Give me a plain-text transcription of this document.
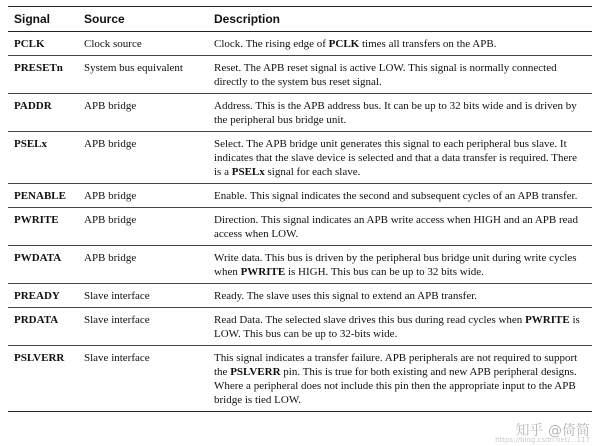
Signal	Source	Description
PCLK	Clock source	Clock. The rising edge of PCLK times all transfers on the APB.
PRESETn	System bus equivalent	Reset. The APB reset signal is active LOW. This signal is normally connected directly to the system bus reset signal.
PADDR	APB bridge	Address. This is the APB address bus. It can be up to 32 bits wide and is driven by the peripheral bus bridge unit.
PSELx	APB bridge	Select. The APB bridge unit generates this signal to each peripheral bus slave. It indicates that the slave device is selected and that a data transfer is required. There is a PSELx signal for each slave.
PENABLE	APB bridge	Enable. This signal indicates the second and subsequent cycles of an APB transfer.
PWRITE	APB bridge	Direction. This signal indicates an APB write access when HIGH and an APB read access when LOW.
PWDATA	APB bridge	Write data. This bus is driven by the peripheral bus bridge unit during write cycles when PWRITE is HIGH. This bus can be up to 32 bits wide.
PREADY	Slave interface	Ready. The slave uses this signal to extend an APB transfer.
PRDATA	Slave interface	Read Data. The selected slave drives this bus during read cycles when PWRITE is LOW. This bus can be up to 32-bits wide.
PSLVERR	Slave interface	This signal indicates a transfer failure. APB peripherals are not required to support the PSLVERR pin. This is true for both existing and new APB peripheral designs. Where a peripheral does not include this pin then the appropriate input to the APB bridge is tied LOW.
知乎 @倚简
https://blog.csdn.net/...117
